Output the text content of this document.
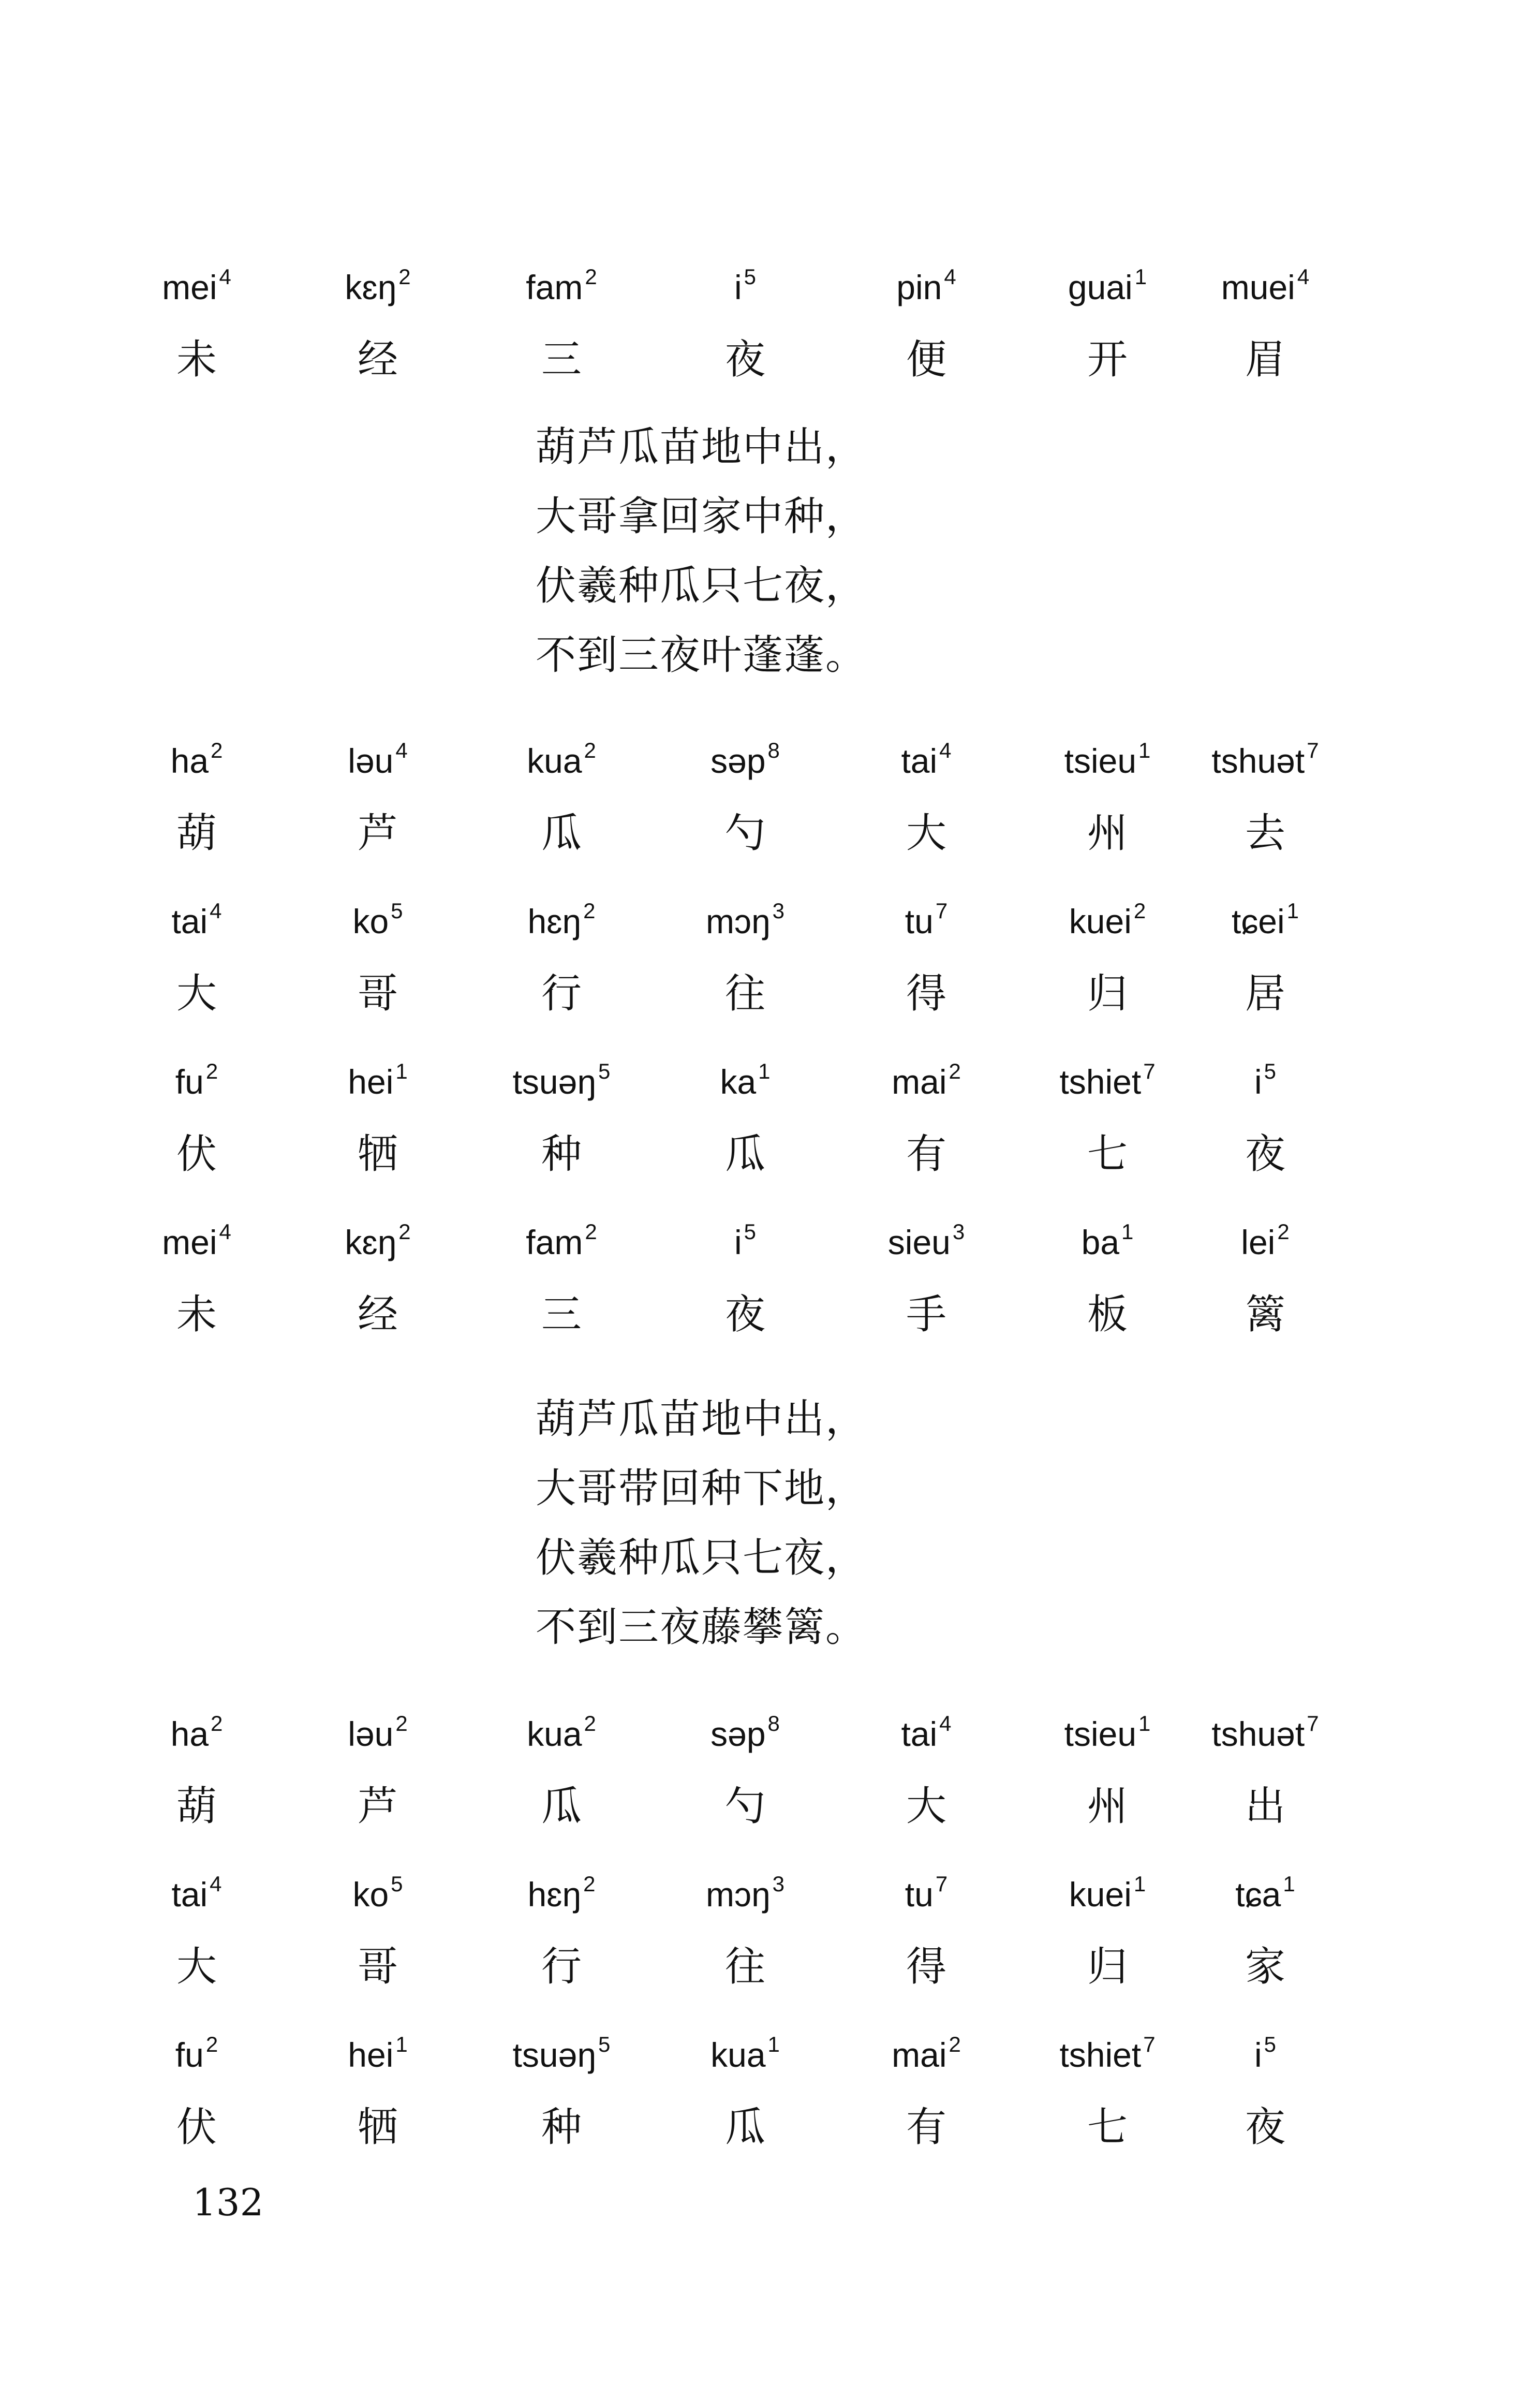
mei$^4$
未
kɛŋ$^2$
经
fam$^2$
三
$i^5$
夜
pin$^4$
便
guai$^1$
开
muei$^4$
眉
葫芦瓜苗地中出，
大哥拿回家中种，
伏羲种瓜只七夜，
不到三夜叶蓬蓬。
$ha^2$
葫
ləu$^4$
芦
kua$^2$
瓜
səp$^8$
勺
tai$^4$
大
tsieu$^1$
州
tshuət$^7$
去
tai$^4$
大
$ko^5$
哥
hɛŋ$^2$
行
mɔŋ$^3$
往
$tu^7$
得
kuei$^2$
归
tɕei$^1$
居
$fu^2$
伏
hei$^1$
牺
tsuəŋ$^5$
种
$ka^1$
瓜
mai$^2$
有
tshiet$^7$
七
$i^5$
夜
mei$^4$
未
kɛŋ$^2$
经
fam$^2$
三
$i^5$
夜
sieu$^3$
手
$ba^1$
板
lei$^2$
篱
葫芦瓜苗地中出，
大哥带回种下地，
伏羲种瓜只七夜，
不到三夜藤攀篱。
$ha^2$
葫
ləu$^2$
芦
kua$^2$
瓜
səp$^8$
勺
tai$^4$
大
tsieu$^1$
州
tshuət$^7$
出
tai$^4$
大
$ko^5$
哥
hɛŋ$^2$
行
mɔŋ$^3$
往
$tu^7$
得
kuei$^1$
归
tɕa$^1$
家
$fu^2$
伏
hei$^1$
牺
tsuəŋ$^5$
种
kua$^1$
瓜
mai$^2$
有
tshiet$^7$
七
$i^5$
夜
132
